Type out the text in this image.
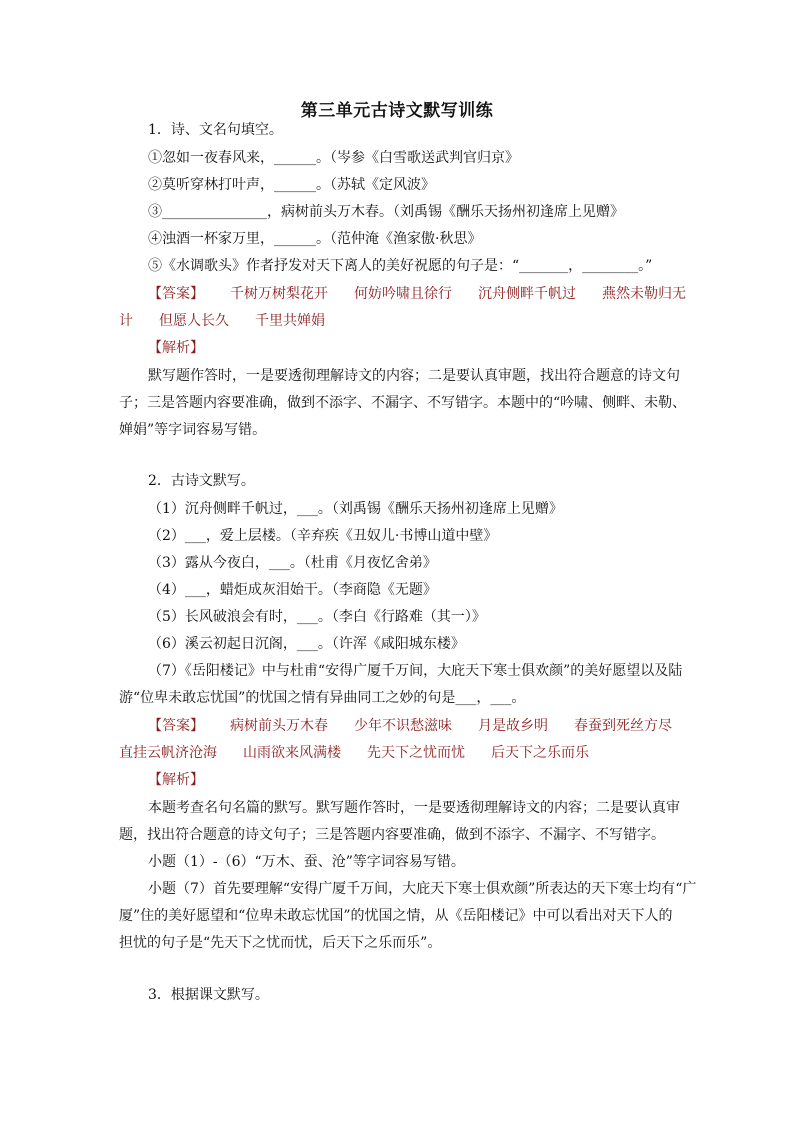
第三单元古诗文默写训练
1．诗、文名句填空。
①忽如一夜春风来，______。（岑参《白雪歌送武判官归京》
②莫听穿林打叶声，______。（苏轼《定风波》
③_______________，病树前头万木春。（刘禹锡《酬乐天扬州初逢席上见赠》
④浊酒一杯家万里，______。（范仲淹《渔家傲·秋思》
⑤《水调歌头》作者抒发对天下离人的美好祝愿的句子是：“_______，________。”
【答案】 千树万树梨花开 何妨吟啸且徐行 沉舟侧畔千帆过 燕然未勒归无
计 但愿人长久 千里共婵娟
【解析】
默写题作答时，一是要透彻理解诗文的内容；二是要认真审题，找出符合题意的诗文句
子；三是答题内容要准确，做到不添字、不漏字、不写错字。本题中的“吟啸、侧畔、未勒、
婵娟”等字词容易写错。
2．古诗文默写。
（1）沉舟侧畔千帆过，___。（刘禹锡《酬乐天扬州初逢席上见赠》
（2）___，爱上层楼。（辛弃疾《丑奴儿·书博山道中壁》
（3）露从今夜白，___。（杜甫《月夜忆舍弟》
（4）___，蜡炬成灰泪始干。（李商隐《无题》
（5）长风破浪会有时，___。（李白《行路难（其一）》
（6）溪云初起日沉阁，___。（许浑《咸阳城东楼》
（7）《岳阳楼记》中与杜甫“安得广厦千万间，大庇天下寒士俱欢颜”的美好愿望以及陆
游“位卑未敢忘忧国”的忧国之情有异曲同工之妙的句是___，___。
【答案】 病树前头万木春 少年不识愁滋味 月是故乡明 春蚕到死丝方尽
直挂云帆济沧海 山雨欲来风满楼 先天下之忧而忧 后天下之乐而乐
【解析】
本题考查名句名篇的默写。默写题作答时，一是要透彻理解诗文的内容；二是要认真审
题，找出符合题意的诗文句子；三是答题内容要准确，做到不添字、不漏字、不写错字。
小题（1）-（6）“万木、蚕、沧”等字词容易写错。
小题（7）首先要理解“安得广厦千万间，大庇天下寒士俱欢颜”所表达的天下寒士均有“广
厦”住的美好愿望和“位卑未敢忘忧国”的忧国之情，从《岳阳楼记》中可以看出对天下人的
担忧的句子是“先天下之忧而忧，后天下之乐而乐”。
3．根据课文默写。
